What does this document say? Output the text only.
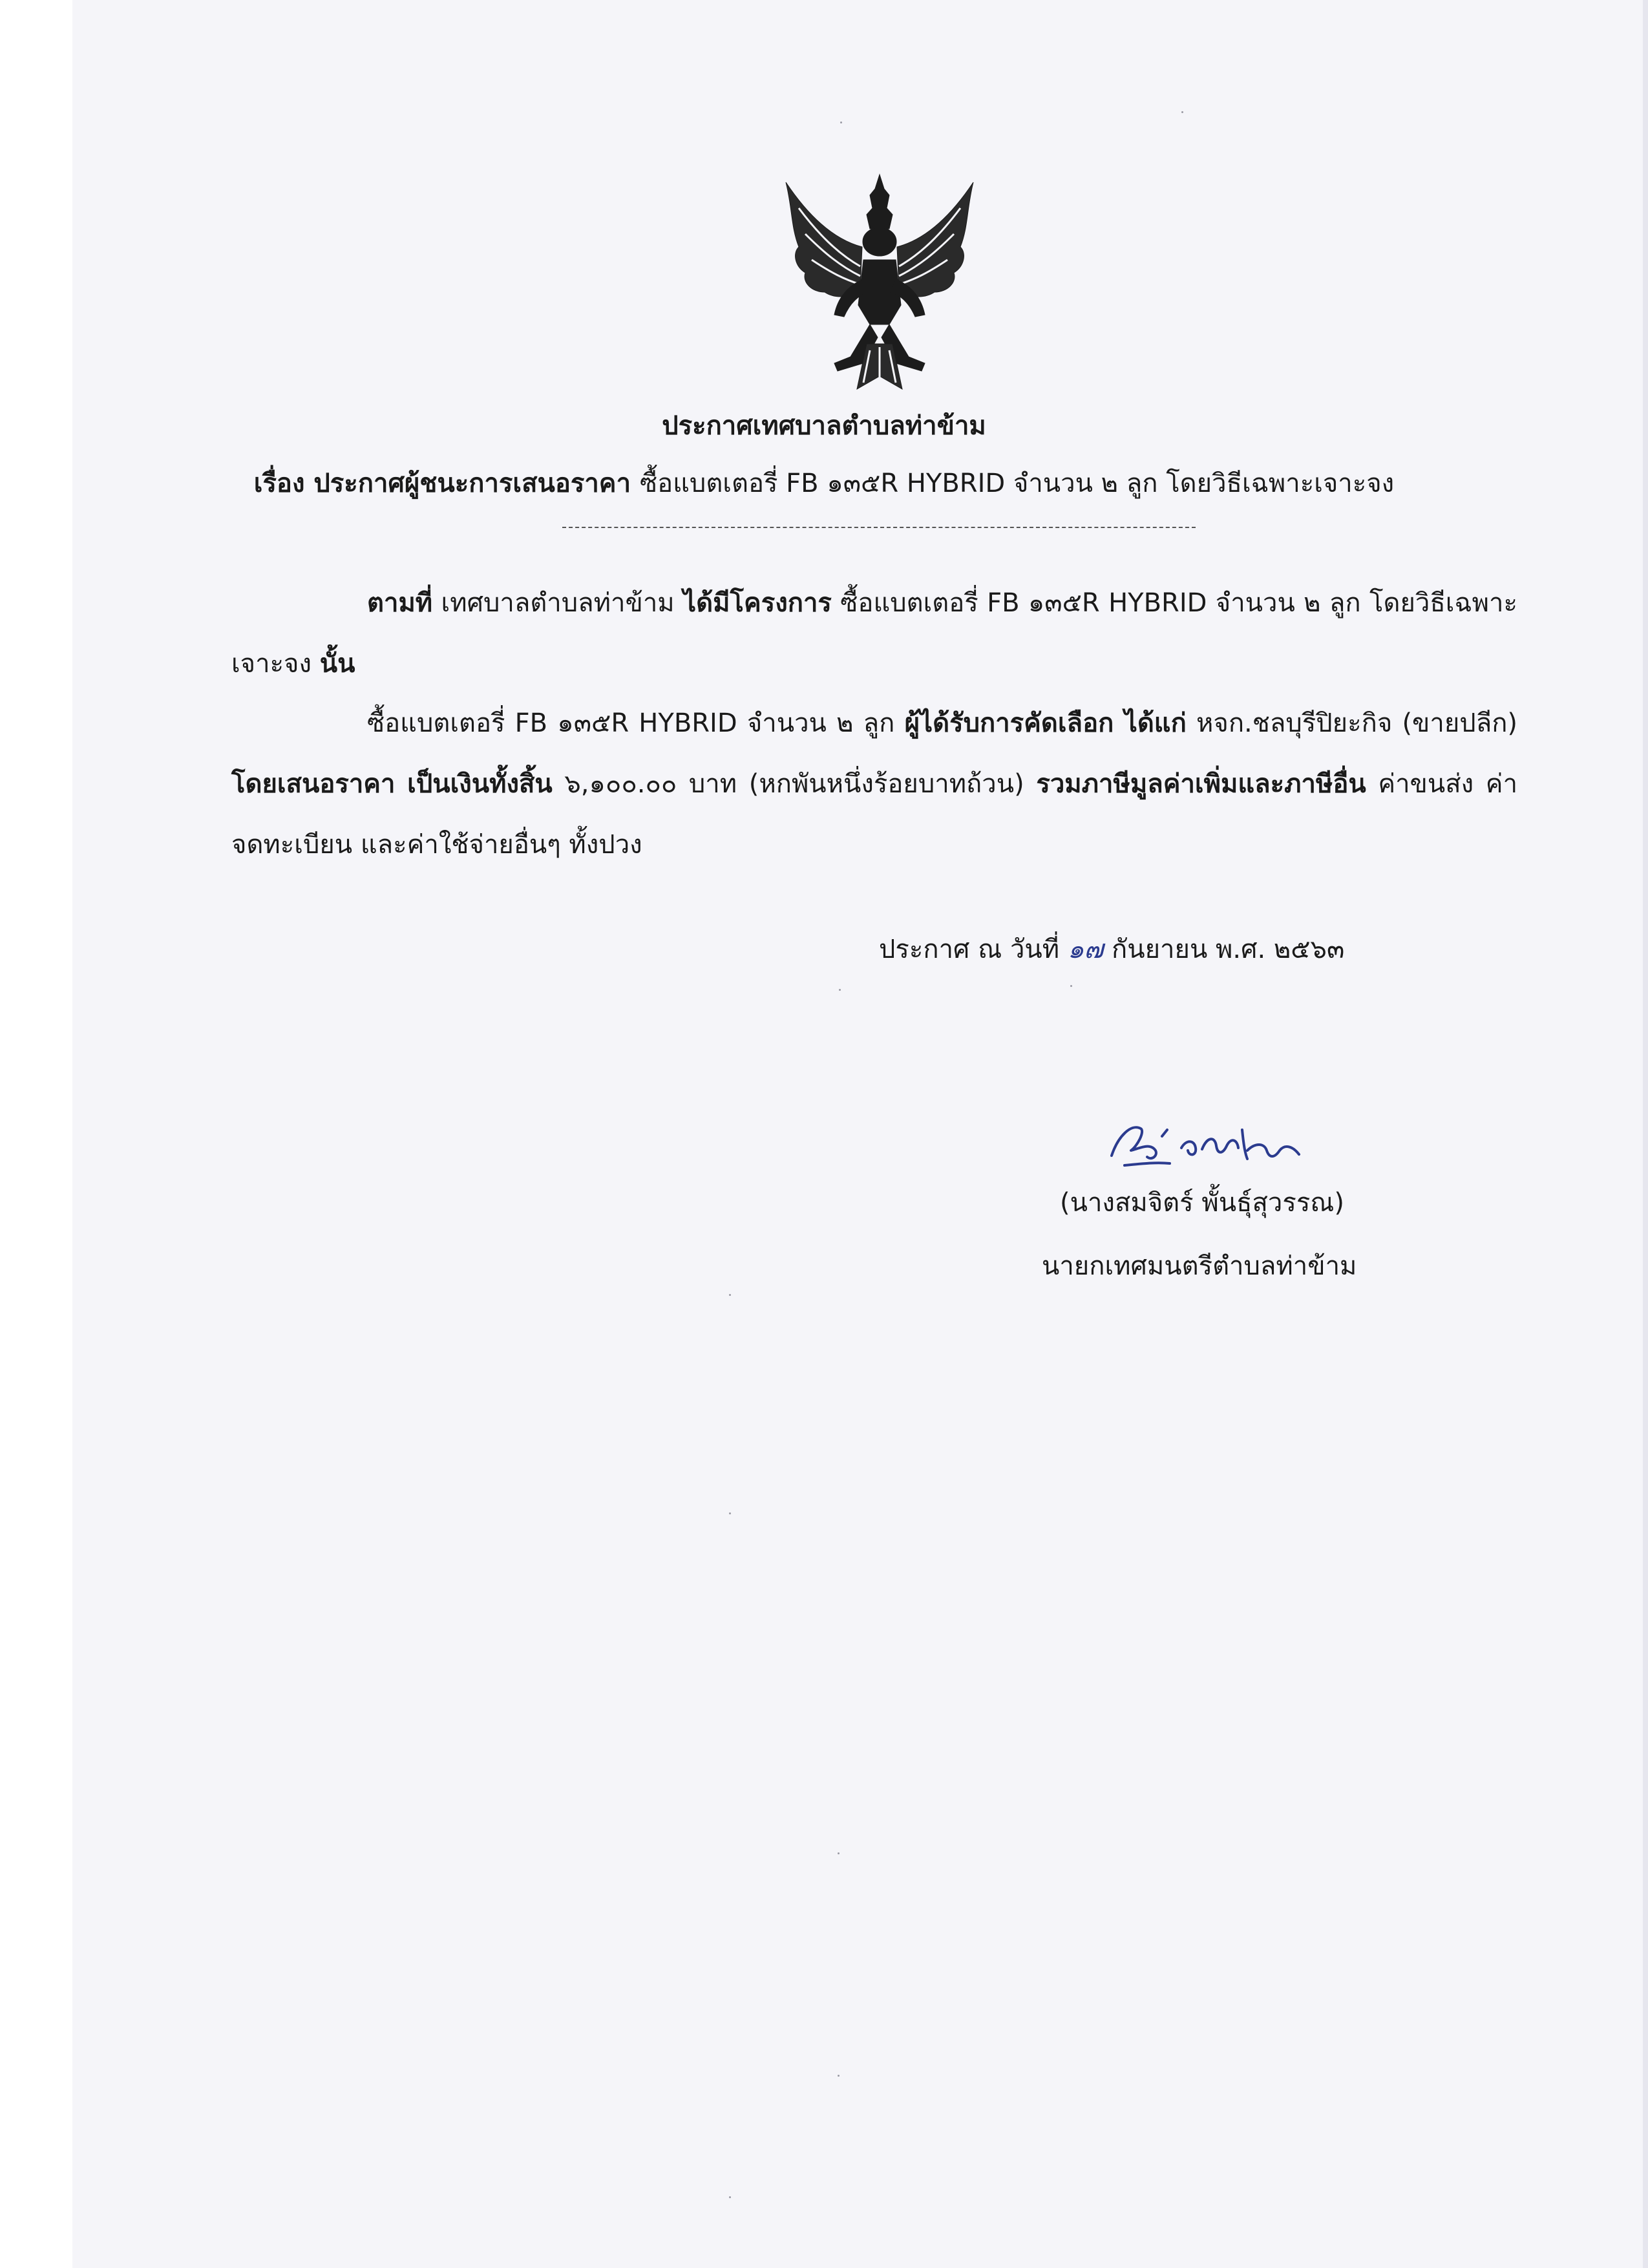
ประกาศเทศบาลตำบลท่าข้าม
เรื่อง ประกาศผู้ชนะการเสนอราคา ซื้อแบตเตอรี่ FB ๑๓๕R HYBRID จำนวน ๒ ลูก โดยวิธีเฉพาะเจาะจง
ตามที่ เทศบาลตำบลท่าข้าม ได้มีโครงการ ซื้อแบตเตอรี่ FB ๑๓๕R HYBRID จำนวน ๒ ลูก โดยวิธีเฉพาะเจาะจง นั้น
ซื้อแบตเตอรี่ FB ๑๓๕R HYBRID จำนวน ๒ ลูก ผู้ได้รับการคัดเลือก ได้แก่ หจก.ชลบุรีปิยะกิจ (ขายปลีก) โดยเสนอราคา เป็นเงินทั้งสิ้น ๖,๑๐๐.๐๐ บาท (หกพันหนึ่งร้อยบาทถ้วน) รวมภาษีมูลค่าเพิ่มและภาษีอื่น ค่าขนส่ง ค่าจดทะเบียน และค่าใช้จ่ายอื่นๆ ทั้งปวง
ประกาศ ณ วันที่ ๑๗ กันยายน พ.ศ. ๒๕๖๓
(นางสมจิตร์ พั้นธุ์สุวรรณ)
นายกเทศมนตรีตำบลท่าข้าม
